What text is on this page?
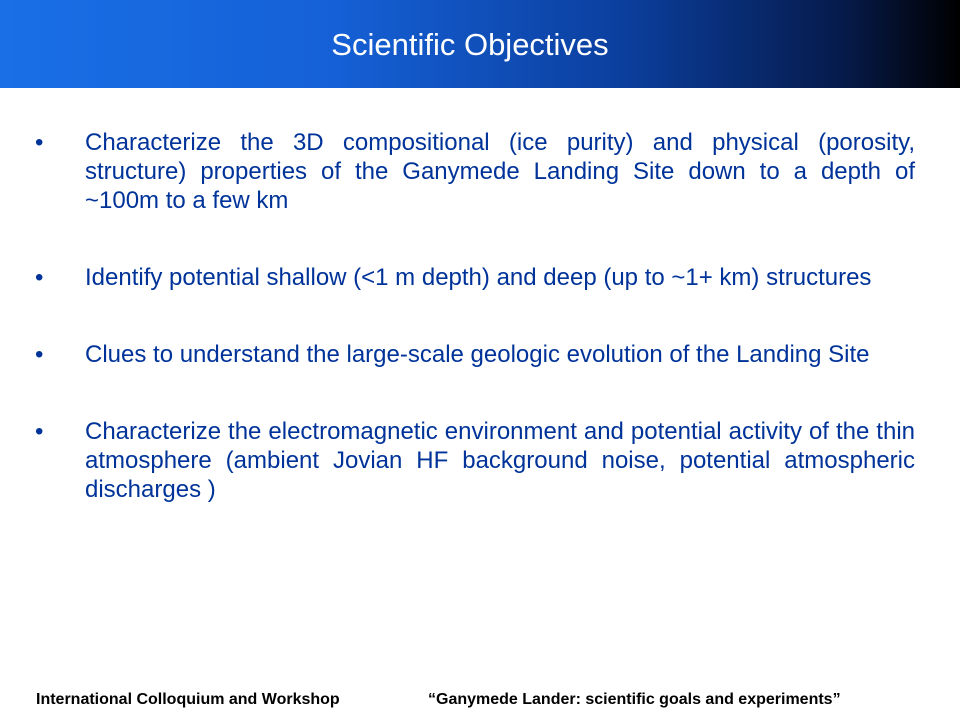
Scientific Objectives
• Characterize the 3D compositional (ice purity) and physical (porosity, structure) properties of the Ganymede Landing Site down to a depth of ~100m to a few km
• Identify potential shallow (<1 m depth) and deep (up to ~1+ km) structures
• Clues to understand the large-scale geologic evolution of the Landing Site
• Characterize the electromagnetic environment and potential activity of the thin atmosphere (ambient Jovian HF background noise, potential atmospheric discharges )
International Colloquium and Workshop	“Ganymede Lander: scientific goals and experiments”
